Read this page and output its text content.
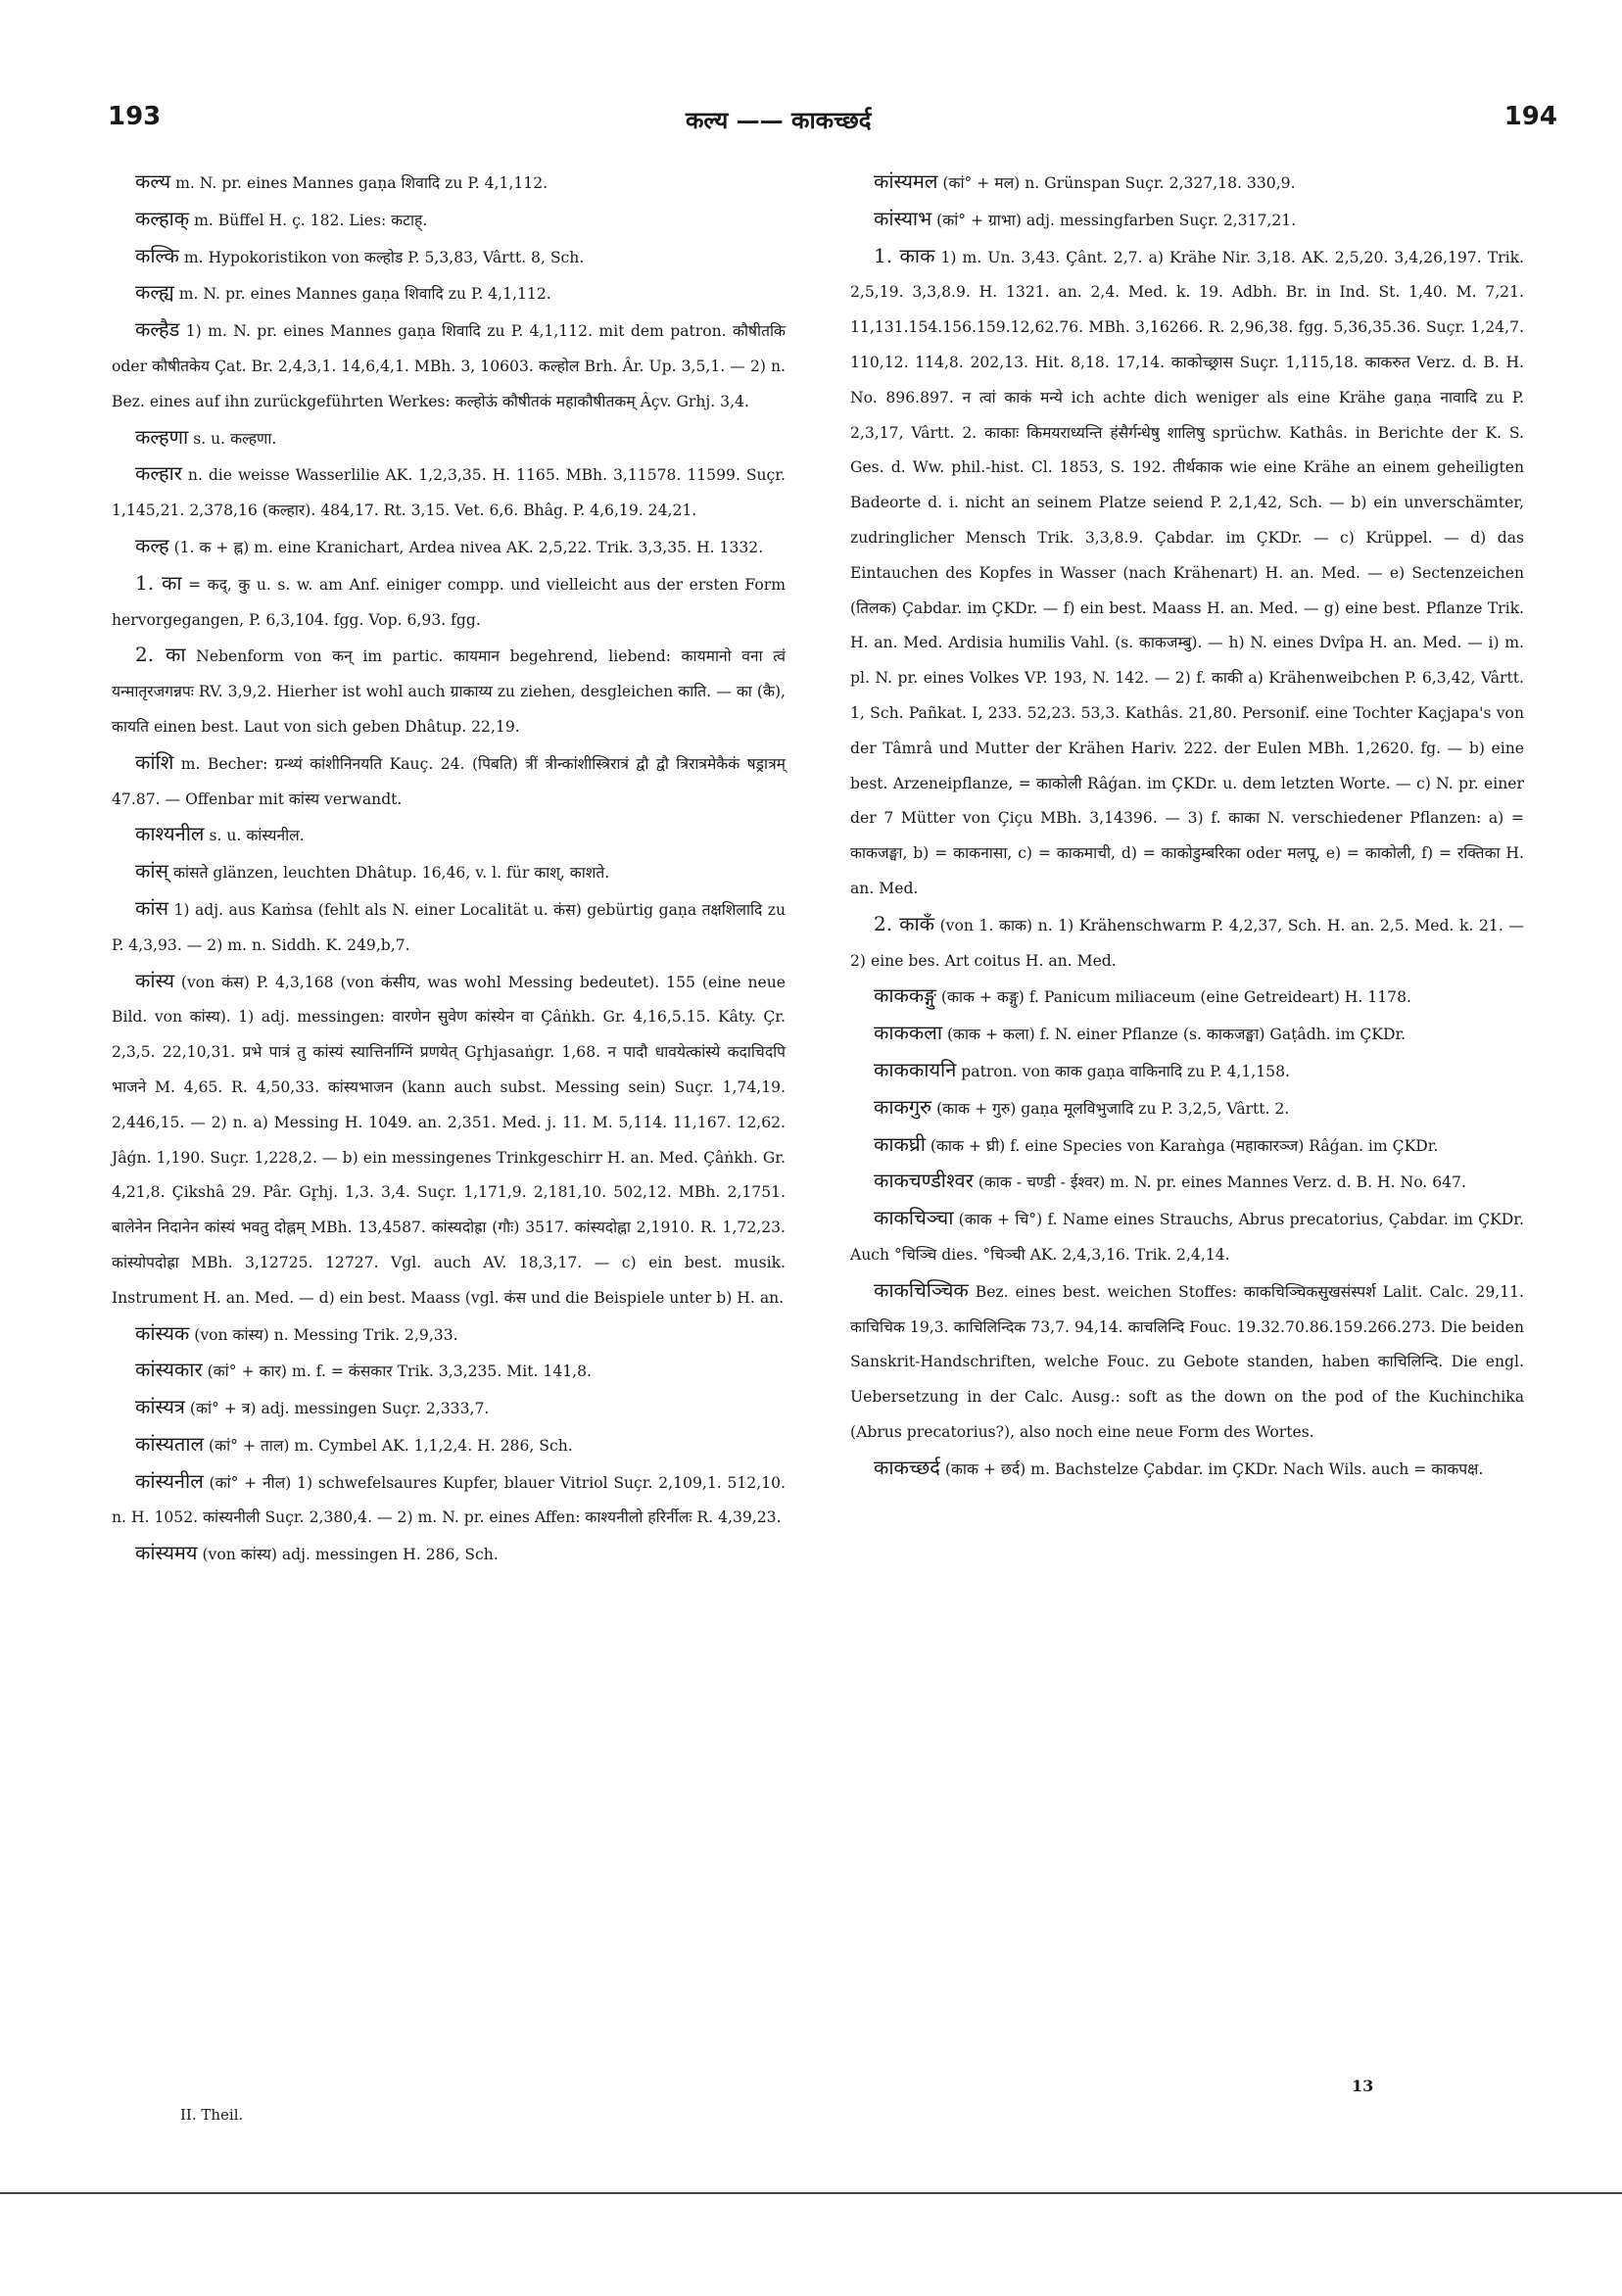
193	कल्य —— काकच्छर्द	194

कल्य m. N. pr. eines Mannes gaṇa शिवादि zu P. 4,1,112.

कल्हाक् m. Büffel H. ç. 182. Lies: कटाह्.

कल्कि m. Hypokoristikon von कल्होड P. 5,3,83, Vârtt. 8, Sch.

कल्ह्य m. N. pr. eines Mannes gaṇa शिवादि zu P. 4,1,112.

कल्हैड 1) m. N. pr. eines Mannes gaṇa शिवादि zu P. 4,1,112. mit dem patron. कौषीतकि oder कौषीतकेय Çat. Br. 2,4,3,1. 14,6,4,1. MBh. 3, 10603. कल्होल Brh. Âr. Up. 3,5,1. — 2) n. Bez. eines auf ihn zurückgeführten Werkes: कल्होऊं कौषीतकं महाकौषीतकम् Âçv. Grhj. 3,4.

कल्हणा s. u. कल्हणा.

कल्हार n. die weisse Wasserlilie AK. 1,2,3,35. H. 1165. MBh. 3,11578. 11599. Suçr. 1,145,21. 2,378,16 (कल्हार). 484,17. Rt. 3,15. Vet. 6,6. Bhâg. P. 4,6,19. 24,21.

कल्ह (1. क + ह्न) m. eine Kranichart, Ardea nivea AK. 2,5,22. Trik. 3,3,35. H. 1332.

1. का = कद्, कु u. s. w. am Anf. einiger compp. und vielleicht aus der ersten Form hervorgegangen, P. 6,3,104. fgg. Vop. 6,93. fgg.

2. का Nebenform von कन् im partic. कायमान begehrend, liebend: कायमानो वना त्वं यन्मातृरजगन्नपः RV. 3,9,2. Hierher ist wohl auch ग्राकाय्य zu ziehen, desgleichen काति. — का (कै), कायति einen best. Laut von sich geben Dhâtup. 22,19.

कांशि m. Becher: ग्रन्थ्यं कांशीनिनयति Kauç. 24. (पिबति) त्रीं त्रीन्कांशीस्त्रिरात्रं द्वौ द्वौ त्रिरात्रमेकैकं षड्रात्रम् 47.87. — Offenbar mit कांस्य verwandt.

काश्यनील s. u. कांस्यनील.

कांस् कांसते glänzen, leuchten Dhâtup. 16,46, v. l. für काश्, काशते.

कांस 1) adj. aus Kaṁsa (fehlt als N. einer Localität u. कंस) gebürtig gaṇa तक्षशिलादि zu P. 4,3,93. — 2) m. n. Siddh. K. 249,b,7.

कांस्य (von कंस) P. 4,3,168 (von कंसीय, was wohl Messing bedeutet). 155 (eine neue Bild. von कांस्य). 1) adj. messingen: वारणेन सुवेण कांस्येन वा Çâṅkh. Gr. 4,16,5.15. Kâty. Çr. 2,3,5. 22,10,31. प्रभे पात्रं तु कांस्यं स्यात्तिर्नाग्निं प्रणयेत् Gr̥hjasaṅgr. 1,68. न पादौ धावयेत्कांस्ये कदाचिदपि भाजने M. 4,65. R. 4,50,33. कांस्यभाजन (kann auch subst. Messing sein) Suçr. 1,74,19. 2,446,15. — 2) n. a) Messing H. 1049. an. 2,351. Med. j. 11. M. 5,114. 11,167. 12,62. Jâǵn. 1,190. Suçr. 1,228,2. — b) ein messingenes Trinkgeschirr H. an. Med. Çâṅkh. Gr. 4,21,8. Çikshâ 29. Pâr. Gr̥hj. 1,3. 3,4. Suçr. 1,171,9. 2,181,10. 502,12. MBh. 2,1751. बालेनेन निदानेन कांस्यं भवतु दोह्नम् MBh. 13,4587. कांस्यदोह्रा (गौः) 3517. कांस्यदोह्ना 2,1910. R. 1,72,23. कांस्योपदोह्रा MBh. 3,12725. 12727. Vgl. auch AV. 18,3,17. — c) ein best. musik. Instrument H. an. Med. — d) ein best. Maass (vgl. कंस und die Beispiele unter b) H. an.

कांस्यक (von कांस्य) n. Messing Trik. 2,9,33.

कांस्यकार (कां° + कार) m. f. = कंसकार Trik. 3,3,235. Mit. 141,8.

कांस्यत्र (कां° + त्र) adj. messingen Suçr. 2,333,7.

कांस्यताल (कां° + ताल) m. Cymbel AK. 1,1,2,4. H. 286, Sch.

कांस्यनील (कां° + नील) 1) schwefelsaures Kupfer, blauer Vitriol Suçr. 2,109,1. 512,10. n. H. 1052. कांस्यनीली Suçr. 2,380,4. — 2) m. N. pr. eines Affen: काश्यनीलो हरिर्नीलः R. 4,39,23.

कांस्यमय (von कांस्य) adj. messingen H. 286, Sch.

कांस्यमल (कां° + मल) n. Grünspan Suçr. 2,327,18. 330,9.

कांस्याभ (कां° + ग्राभा) adj. messingfarben Suçr. 2,317,21.

1. काक 1) m. Un. 3,43. Çânt. 2,7. a) Krähe Nir. 3,18. AK. 2,5,20. 3,4,26,197. Trik. 2,5,19. 3,3,8.9. H. 1321. an. 2,4. Med. k. 19. Adbh. Br. in Ind. St. 1,40. M. 7,21. 11,131.154.156.159.12,62.76. MBh. 3,16266. R. 2,96,38. fgg. 5,36,35.36. Suçr. 1,24,7. 110,12. 114,8. 202,13. Hit. 8,18. 17,14. काकोच्छ्रास Suçr. 1,115,18. काकरुत Verz. d. B. H. No. 896.897. न त्वां काकं मन्ये ich achte dich weniger als eine Krähe gaṇa नावादि zu P. 2,3,17, Vârtt. 2. काकाः किमयराध्यन्ति हंसैर्गन्धेषु शालिषु sprüchw. Kathâs. in Berichte der K. S. Ges. d. Ww. phil.-hist. Cl. 1853, S. 192. तीर्थकाक wie eine Krähe an einem geheiligten Badeorte d. i. nicht an seinem Platze seiend P. 2,1,42, Sch. — b) ein unverschämter, zudringlicher Mensch Trik. 3,3,8.9. Çabdar. im ÇKDr. — c) Krüppel. — d) das Eintauchen des Kopfes in Wasser (nach Krähenart) H. an. Med. — e) Sectenzeichen (तिलक) Çabdar. im ÇKDr. — f) ein best. Maass H. an. Med. — g) eine best. Pflanze Trik. H. an. Med. Ardisia humilis Vahl. (s. काकजम्बु). — h) N. eines Dvîpa H. an. Med. — i) m. pl. N. pr. eines Volkes VP. 193, N. 142. — 2) f. काकी a) Krähenweibchen P. 6,3,42, Vârtt. 1, Sch. Pañkat. I, 233. 52,23. 53,3. Kathâs. 21,80. Personif. eine Tochter Kaçjapa's von der Tâmrâ und Mutter der Krähen Hariv. 222. der Eulen MBh. 1,2620. fg. — b) eine best. Arzeneipflanze, = काकोली Râǵan. im ÇKDr. u. dem letzten Worte. — c) N. pr. einer der 7 Mütter von Çiçu MBh. 3,14396. — 3) f. काका N. verschiedener Pflanzen: a) = काकजङ्घा, b) = काकनासा, c) = काकमाची, d) = काकोडुम्बरिका oder मलपू, e) = काकोली, f) = रक्तिका H. an. Med.

2. काकँ (von 1. काक) n. 1) Krähenschwarm P. 4,2,37, Sch. H. an. 2,5. Med. k. 21. — 2) eine bes. Art coitus H. an. Med.

काककङ्गु (काक + कङ्गु) f. Panicum miliaceum (eine Getreideart) H. 1178.

काककला (काक + कला) f. N. einer Pflanze (s. काकजङ्घा) Gaṭâdh. im ÇKDr.

काककायनि patron. von काक gaṇa वाकिनादि zu P. 4,1,158.

काकगुरु (काक + गुरु) gaṇa मूलविभुजादि zu P. 3,2,5, Vârtt. 2.

काकघ्री (काक + घ्री) f. eine Species von Karaǹga (महाकारञ्ज) Râǵan. im ÇKDr.

काकचण्डीश्वर (काक - चण्डी - ईश्वर) m. N. pr. eines Mannes Verz. d. B. H. No. 647.

काकचिञ्चा (काक + चि°) f. Name eines Strauchs, Abrus precatorius, Çabdar. im ÇKDr. Auch °चिञ्चि dies. °चिञ्ची AK. 2,4,3,16. Trik. 2,4,14.

काकचिञ्चिक Bez. eines best. weichen Stoffes: काकचिञ्चिकसुखसंस्पर्श Lalit. Calc. 29,11. काचिचिक 19,3. काचिलिन्दिक 73,7. 94,14. काचलिन्दि Fouc. 19.32.70.86.159.266.273. Die beiden Sanskrit-Handschriften, welche Fouc. zu Gebote standen, haben काचिलिन्दि. Die engl. Uebersetzung in der Calc. Ausg.: soft as the down on the pod of the Kuchinchika (Abrus precatorius?), also noch eine neue Form des Wortes.

काकच्छर्द (काक + छर्द) m. Bachstelze Çabdar. im ÇKDr. Nach Wils. auch = काकपक्ष.

II. Theil.
13
